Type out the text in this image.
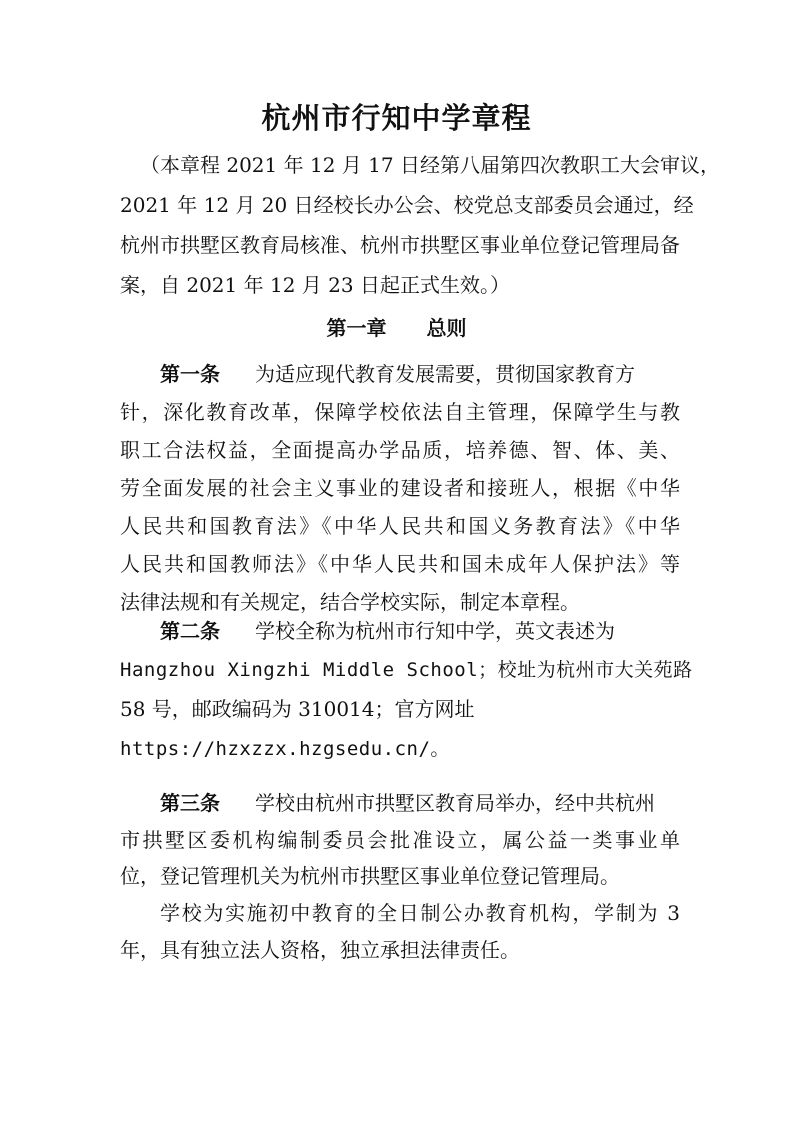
杭州市行知中学章程
（本章程 2021 年 12 月 17 日经第八届第四次教职工大会审议，
2021 年 12 月 20 日经校长办公会、校党总支部委员会通过，经
杭州市拱墅区教育局核准、杭州市拱墅区事业单位登记管理局备
案，自 2021 年 12 月 23 日起正式生效。）
第一章 总则
第一条 为适应现代教育发展需要，贯彻国家教育方
针，深化教育改革，保障学校依法自主管理，保障学生与教
职工合法权益，全面提高办学品质，培养德、智、体、美、
劳全面发展的社会主义事业的建设者和接班人，根据《中华
人民共和国教育法》《中华人民共和国义务教育法》《中华
人民共和国教师法》《中华人民共和国未成年人保护法》等
法律法规和有关规定，结合学校实际，制定本章程。
第二条 学校全称为杭州市行知中学，英文表述为
Hangzhou Xingzhi Middle School；校址为杭州市大关苑路
58 号，邮政编码为 310014；官方网址
https://hzxzzx.hzgsedu.cn/。
第三条 学校由杭州市拱墅区教育局举办，经中共杭州
市拱墅区委机构编制委员会批准设立，属公益一类事业单
位，登记管理机关为杭州市拱墅区事业单位登记管理局。
学校为实施初中教育的全日制公办教育机构，学制为 3
年，具有独立法人资格，独立承担法律责任。
